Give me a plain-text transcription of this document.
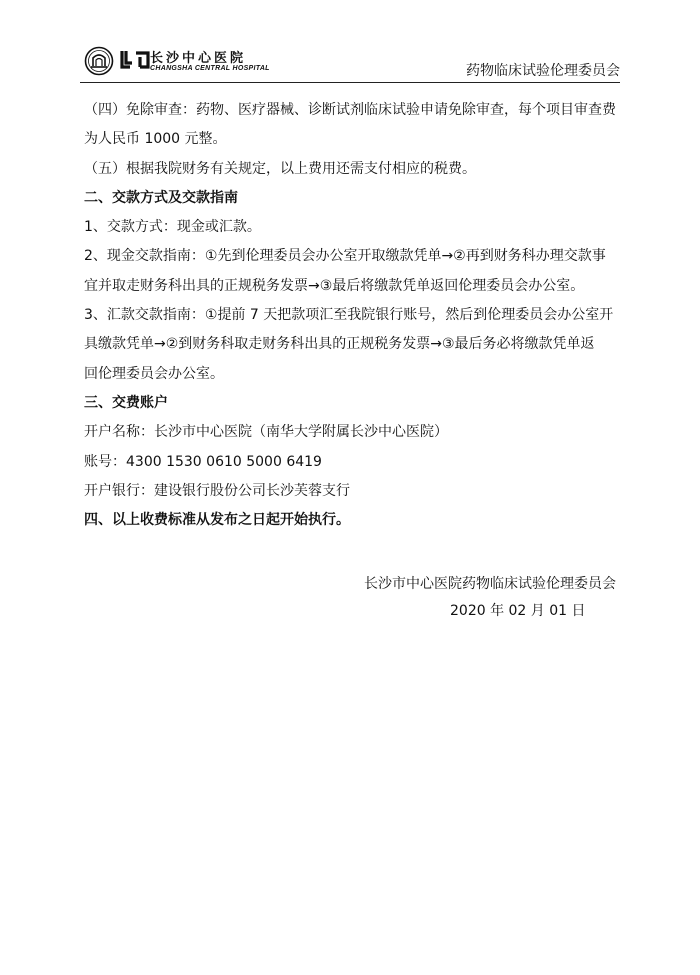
长沙中心医院
CHANGSHA CENTRAL HOSPITAL	药物临床试验伦理委员会

（四）免除审查：药物、医疗器械、诊断试剂临床试验申请免除审查，每个项目审查费
为人民币 1000 元整。

（五）根据我院财务有关规定，以上费用还需支付相应的税费。

二、交款方式及交款指南

1、交款方式：现金或汇款。

2、现金交款指南：①先到伦理委员会办公室开取缴款凭单→②再到财务科办理交款事
宜并取走财务科出具的正规税务发票→③最后将缴款凭单返回伦理委员会办公室。

3、汇款交款指南：①提前 7 天把款项汇至我院银行账号，然后到伦理委员会办公室开
具缴款凭单→②到财务科取走财务科出具的正规税务发票→③最后务必将缴款凭单返
回伦理委员会办公室。

三、交费账户

开户名称：长沙市中心医院（南华大学附属长沙中心医院）

账号：4300 1530 0610 5000 6419

开户银行：建设银行股份公司长沙芙蓉支行

四、以上收费标准从发布之日起开始执行。

长沙市中心医院药物临床试验伦理委员会
2020 年 02 月 01 日
